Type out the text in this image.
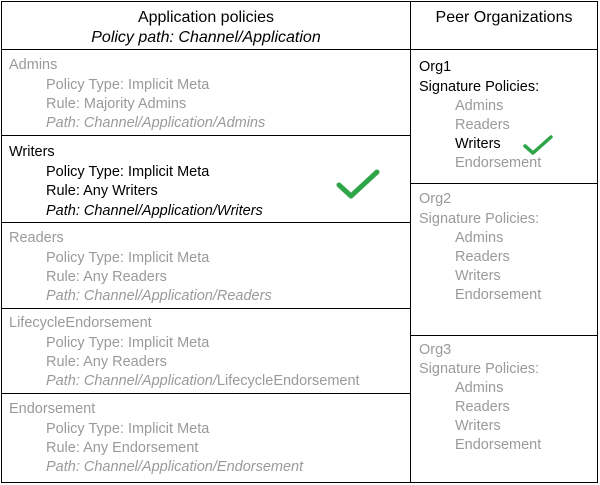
Application policies
Policy path: Channel/Application
Peer Organizations
Admins
Policy Type: Implicit Meta
Rule: Majority Admins
Path: Channel/Application/Admins
Writers
Policy Type: Implicit Meta
Rule: Any Writers
Path: Channel/Application/Writers
Readers
Policy Type: Implicit Meta
Rule: Any Readers
Path: Channel/Application/Readers
LifecycleEndorsement
Policy Type: Implicit Meta
Rule: Any Readers
Path: Channel/Application/LifecycleEndorsement
Endorsement
Policy Type: Implicit Meta
Rule: Any Endorsement
Path: Channel/Application/Endorsement
Org1
Signature Policies:
Admins
Readers
Writers
Endorsement
Org2
Signature Policies:
Admins
Readers
Writers
Endorsement
Org3
Signature Policies:
Admins
Readers
Writers
Endorsement
